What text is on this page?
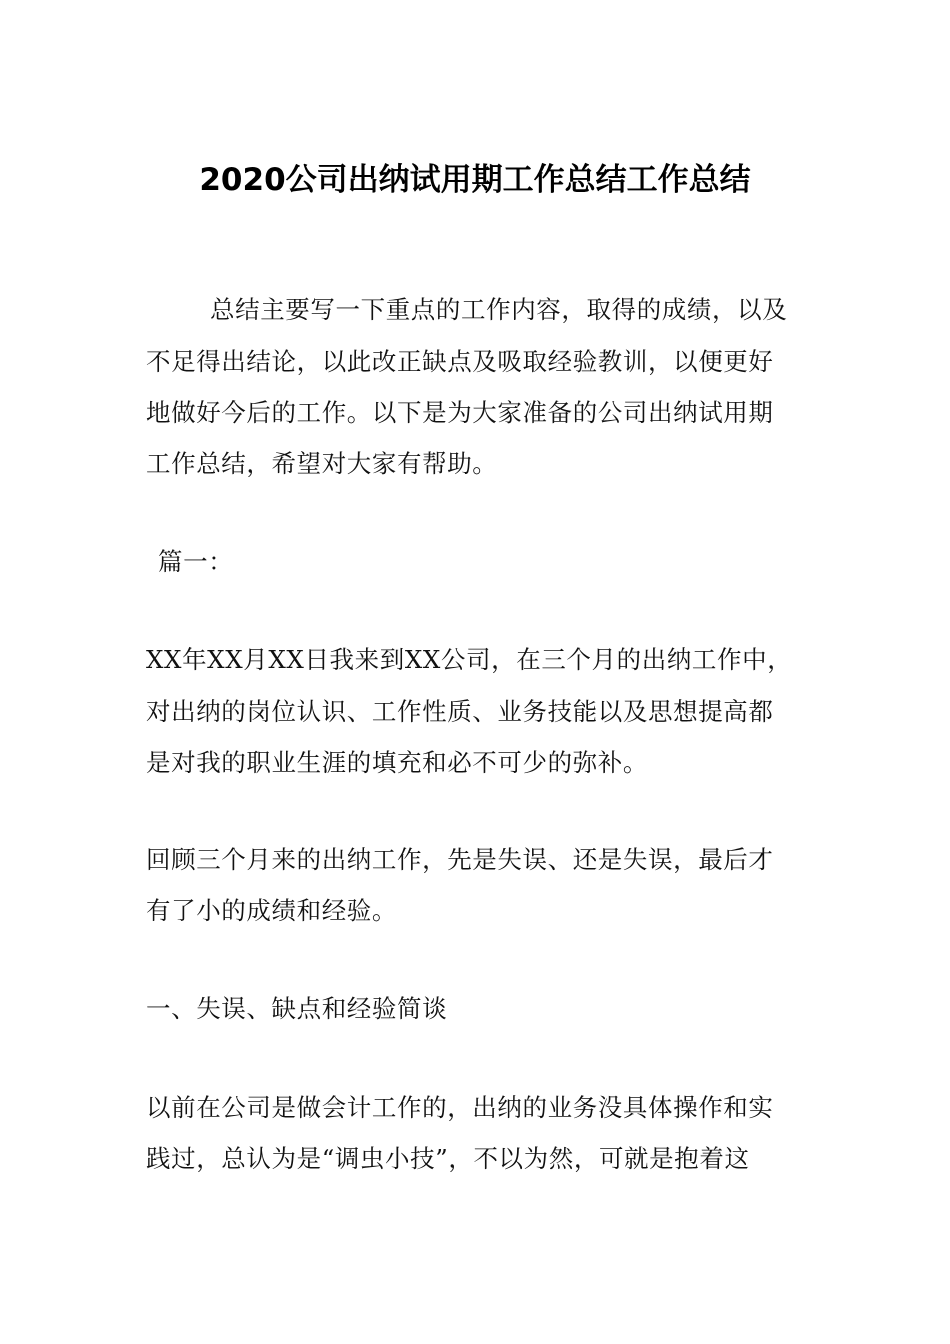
2020公司出纳试用期工作总结工作总结
总结主要写一下重点的工作内容，取得的成绩，以及
不足得出结论，以此改正缺点及吸取经验教训，以便更好
地做好今后的工作。以下是为大家准备的公司出纳试用期
工作总结，希望对大家有帮助。
篇一：
XX年XX月XX日我来到XX公司，在三个月的出纳工作中，
对出纳的岗位认识、工作性质、业务技能以及思想提高都
是对我的职业生涯的填充和必不可少的弥补。
回顾三个月来的出纳工作，先是失误、还是失误，最后才
有了小的成绩和经验。
一、失误、缺点和经验简谈
以前在公司是做会计工作的，出纳的业务没具体操作和实
践过，总认为是“调虫小技”，不以为然，可就是抱着这
